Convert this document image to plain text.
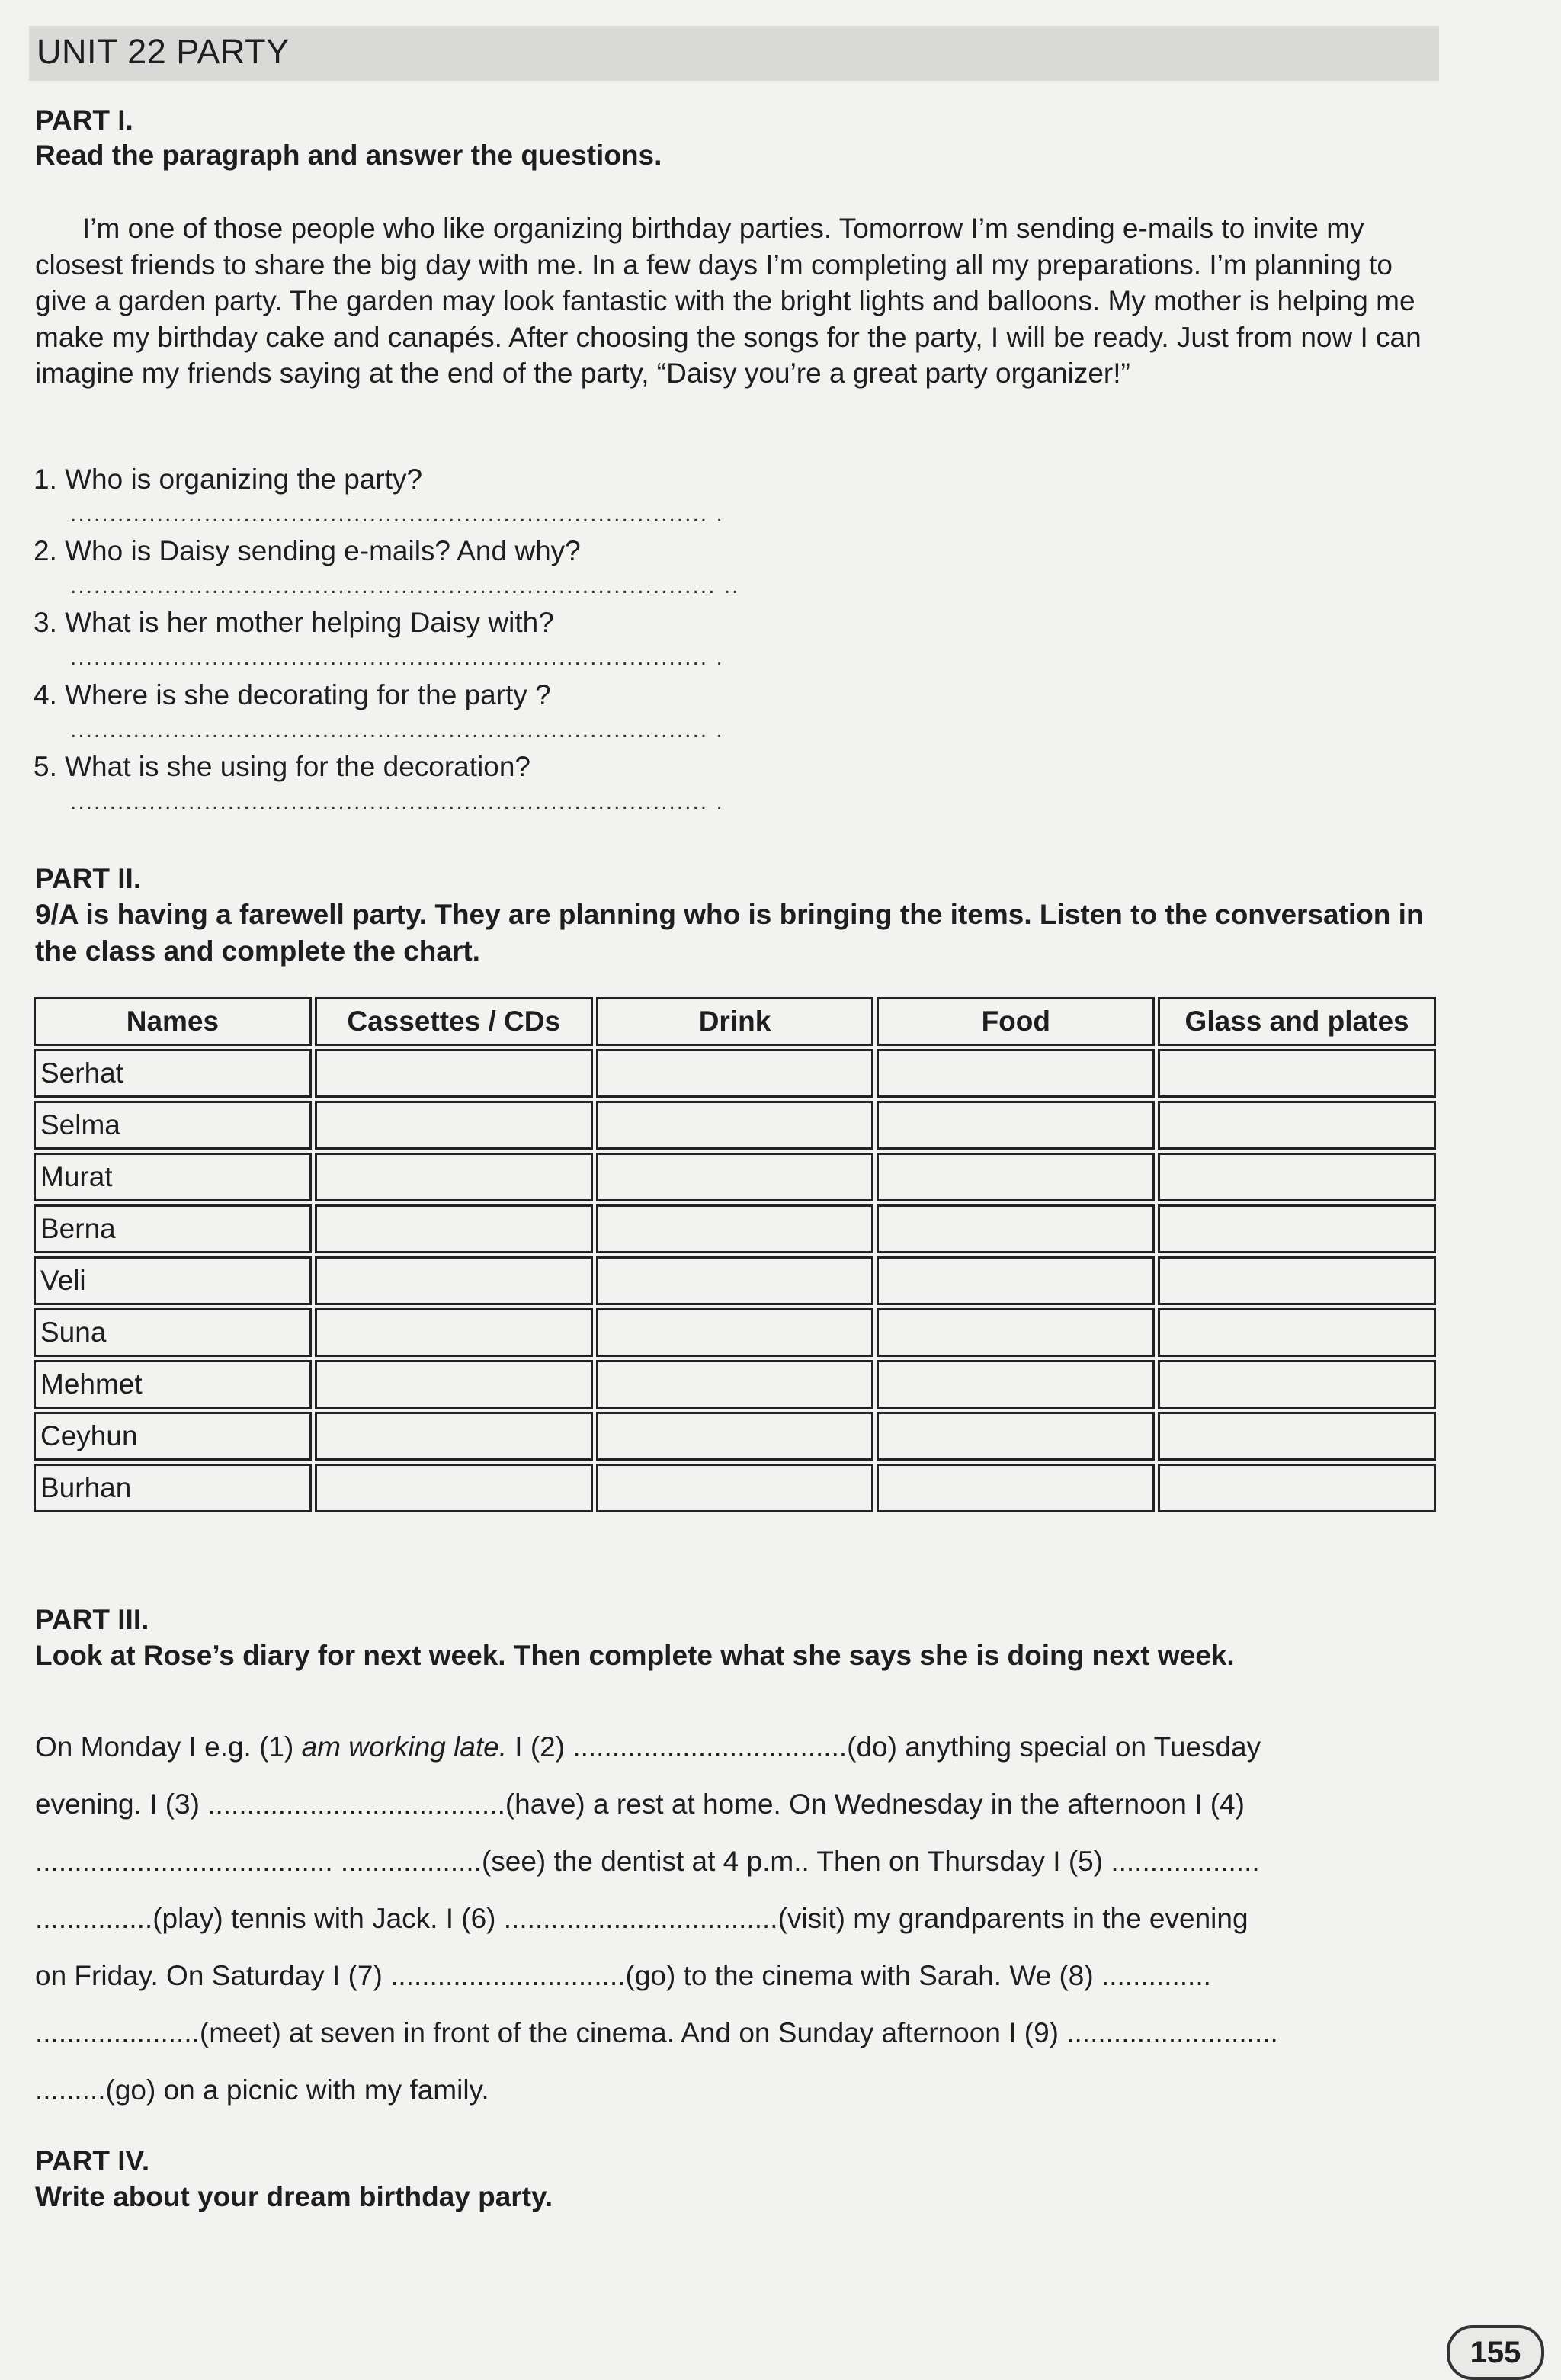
UNIT 22 PARTY
PART I.
Read the paragraph and answer the questions.
I’m one of those people who like organizing birthday parties. Tomorrow I’m sending e-mails to invite my closest friends to share the big day with me. In a few days I’m completing all my preparations. I’m planning to give a garden party. The garden may look fantastic with the bright lights and balloons. My mother is helping me make my birthday cake and canapés. After choosing the songs for the party, I will be ready. Just from now I can imagine my friends saying at the end of the party, “Daisy you’re a great party organizer!”
1. Who is organizing the party?
................................................................................. .
2. Who is Daisy sending e-mails? And why?
.................................................................................. ..
3. What is her mother helping Daisy with?
................................................................................. .
4. Where is she decorating for the party ?
................................................................................. .
5. What is she using for the decoration?
................................................................................. .
PART II.
9/A is having a farewell party. They are planning who is bringing the items. Listen to the conversation in the class and complete the chart.
Names	Cassettes / CDs	Drink	Food	Glass and plates
Serhat				
Selma				
Murat				
Berna				
Veli				
Suna				
Mehmet				
Ceyhun				
Burhan				
PART III.
Look at Rose’s diary for next week. Then complete what she says she is doing next week.
On Monday I e.g. (1) am working late. I (2) ...................................(do) anything special on Tuesday
evening. I (3) ......................................(have) a rest at home. On Wednesday in the afternoon I (4)
...................................... ..................(see) the dentist at 4 p.m.. Then on Thursday I (5) ...................
...............(play) tennis with Jack. I (6) ...................................(visit) my grandparents in the evening
on Friday. On Saturday I (7) ..............................(go) to the cinema with Sarah. We (8) ..............
.....................(meet) at seven in front of the cinema. And on Sunday afternoon I (9) ...........................
.........(go) on a picnic with my family.
PART IV.
Write about your dream birthday party.
155
